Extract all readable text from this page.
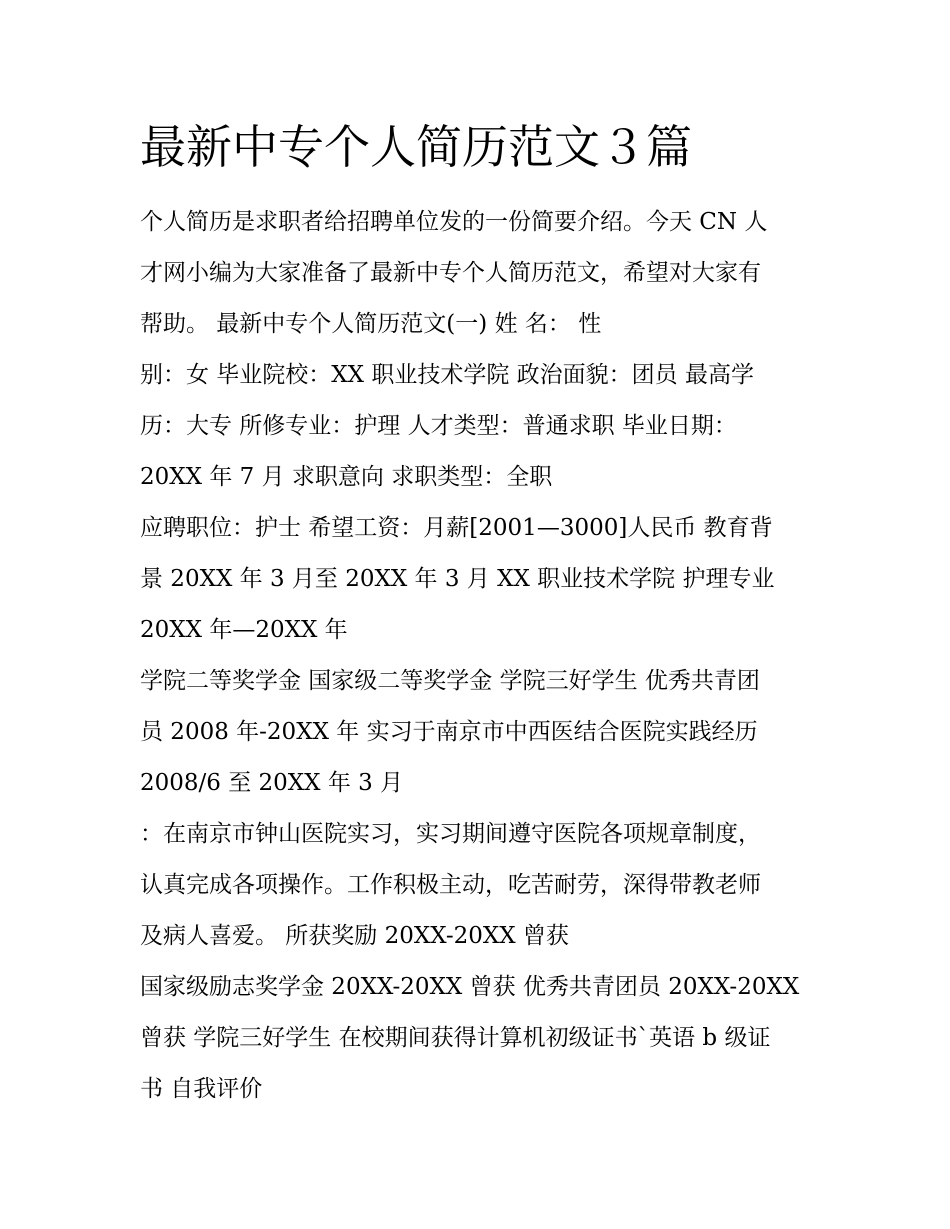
最新中专个人简历范文３篇
个人简历是求职者给招聘单位发的一份简要介绍。今天 CN 人
才网小编为大家准备了最新中专个人简历范文，希望对大家有
帮助。 最新中专个人简历范文(一) 姓 名： 性
别：女 毕业院校：XX 职业技术学院 政治面貌：团员 最高学
历：大专 所修专业：护理 人才类型：普通求职 毕业日期：
20XX 年 7 月 求职意向 求职类型：全职
应聘职位：护士 希望工资：月薪[2001—3000]人民币 教育背
景 20XX 年 3 月至 20XX 年 3 月 XX 职业技术学院 护理专业
20XX 年—20XX 年
学院二等奖学金 国家级二等奖学金 学院三好学生 优秀共青团
员 2008 年-20XX 年 实习于南京市中西医结合医院实践经历
2008/6 至 20XX 年 3 月
：在南京市钟山医院实习，实习期间遵守医院各项规章制度，
认真完成各项操作。工作积极主动，吃苦耐劳，深得带教老师
及病人喜爱。 所获奖励 20XX-20XX 曾获
国家级励志奖学金 20XX-20XX 曾获 优秀共青团员 20XX-20XX
曾获 学院三好学生 在校期间获得计算机初级证书`英语 b 级证
书 自我评价
